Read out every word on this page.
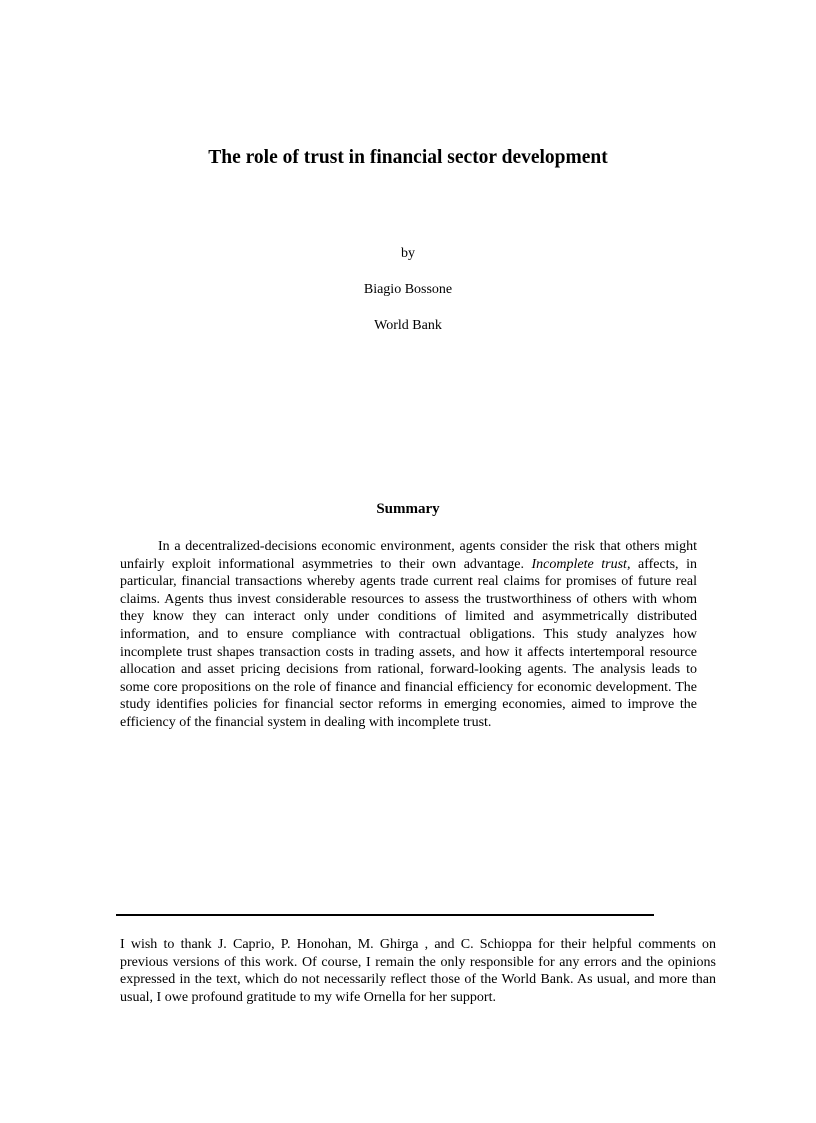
The role of trust in financial sector development

by

Biagio Bossone

World Bank

Summary

In a decentralized-decisions economic environment, agents consider the risk that others might unfairly exploit informational asymmetries to their own advantage. Incomplete trust, affects, in particular, financial transactions whereby agents trade current real claims for promises of future real claims. Agents thus invest considerable resources to assess the trustworthiness of others with whom they know they can interact only under conditions of limited and asymmetrically distributed information, and to ensure compliance with contractual obligations. This study analyzes how incomplete trust shapes transaction costs in trading assets, and how it affects intertemporal resource allocation and asset pricing decisions from rational, forward-looking agents. The analysis leads to some core propositions on the role of finance and financial efficiency for economic development. The study identifies policies for financial sector reforms in emerging economies, aimed to improve the efficiency of the financial system in dealing with incomplete trust.

I wish to thank J. Caprio, P. Honohan, M. Ghirga , and C. Schioppa for their helpful comments on previous versions of this work. Of course, I remain the only responsible for any errors and the opinions expressed in the text, which do not necessarily reflect those of the World Bank. As usual, and more than usual, I owe profound gratitude to my wife Ornella for her support.
